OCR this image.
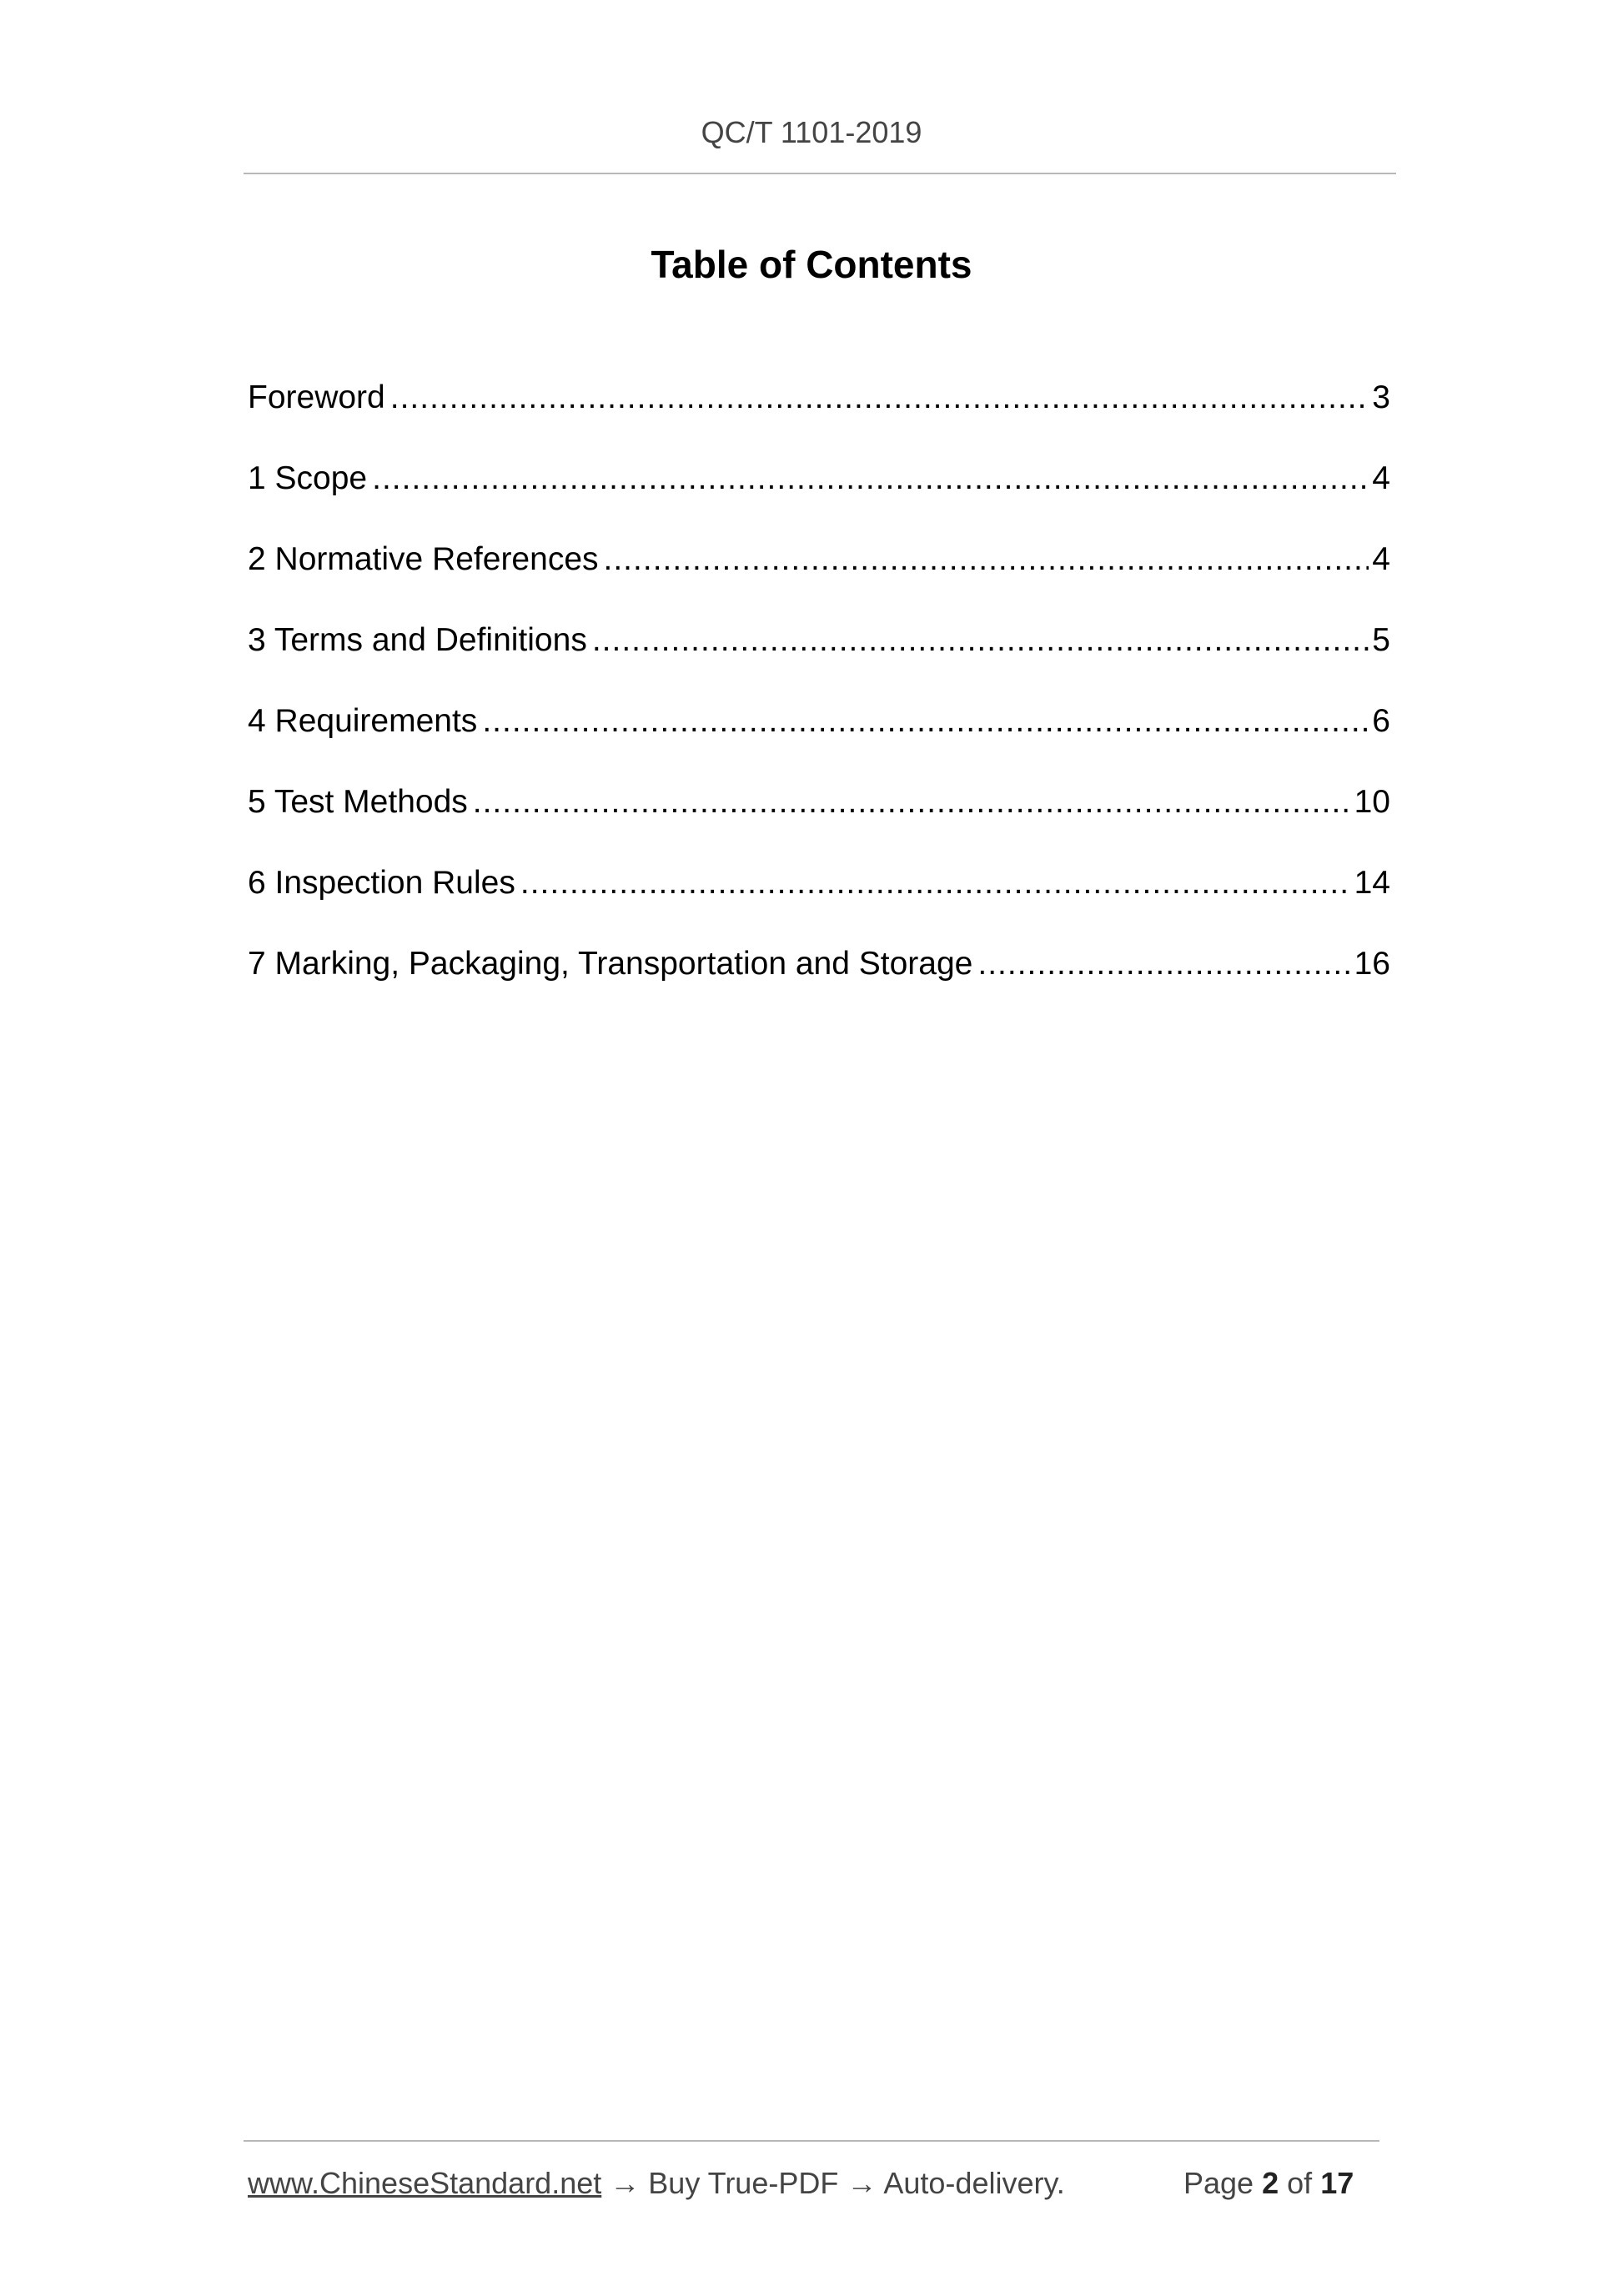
QC/T 1101-2019
Table of Contents
Foreword .....	3
1 Scope .....	4
2 Normative References .....	4
3 Terms and Definitions .....	5
4 Requirements .....	6
5 Test Methods .....	10
6 Inspection Rules .....	14
7 Marking, Packaging, Transportation and Storage .....	16
www.ChineseStandard.net → Buy True-PDF → Auto-delivery.	Page 2 of 17
